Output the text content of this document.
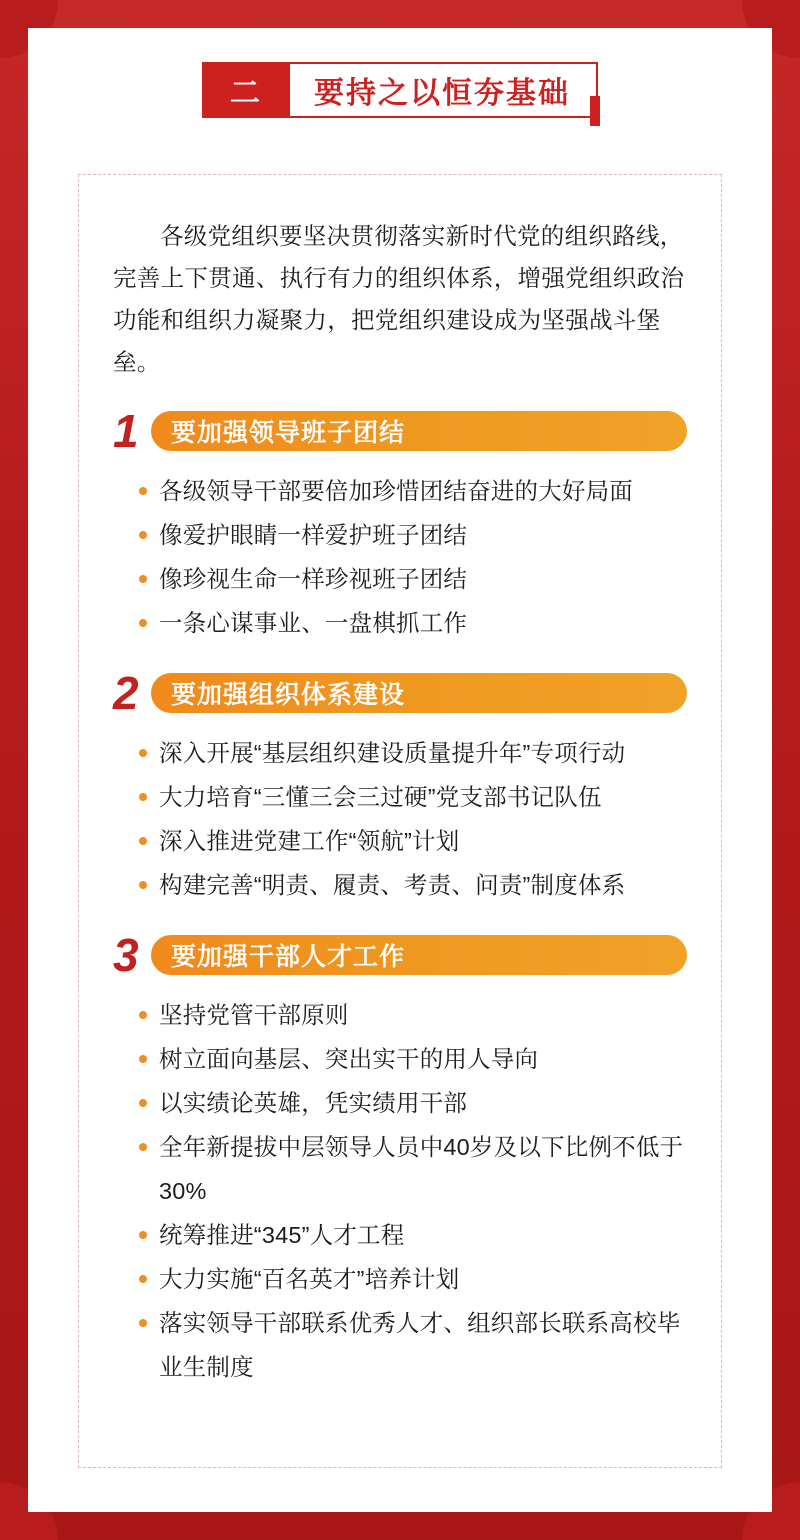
二	要持之以恒夯基础

各级党组织要坚决贯彻落实新时代党的组织路线，完善上下贯通、执行有力的组织体系，增强党组织政治功能和组织力凝聚力，把党组织建设成为坚强战斗堡垒。

1	要加强领导班子团结
各级领导干部要倍加珍惜团结奋进的大好局面
像爱护眼睛一样爱护班子团结
像珍视生命一样珍视班子团结
一条心谋事业、一盘棋抓工作
2	要加强组织体系建设
深入开展“基层组织建设质量提升年”专项行动
大力培育“三懂三会三过硬”党支部书记队伍
深入推进党建工作“领航”计划
构建完善“明责、履责、考责、问责”制度体系
3	要加强干部人才工作
坚持党管干部原则
树立面向基层、突出实干的用人导向
以实绩论英雄，凭实绩用干部
全年新提拔中层领导人员中40岁及以下比例不低于30%
统筹推进“345”人才工程
大力实施“百名英才”培养计划
落实领导干部联系优秀人才、组织部长联系高校毕业生制度
